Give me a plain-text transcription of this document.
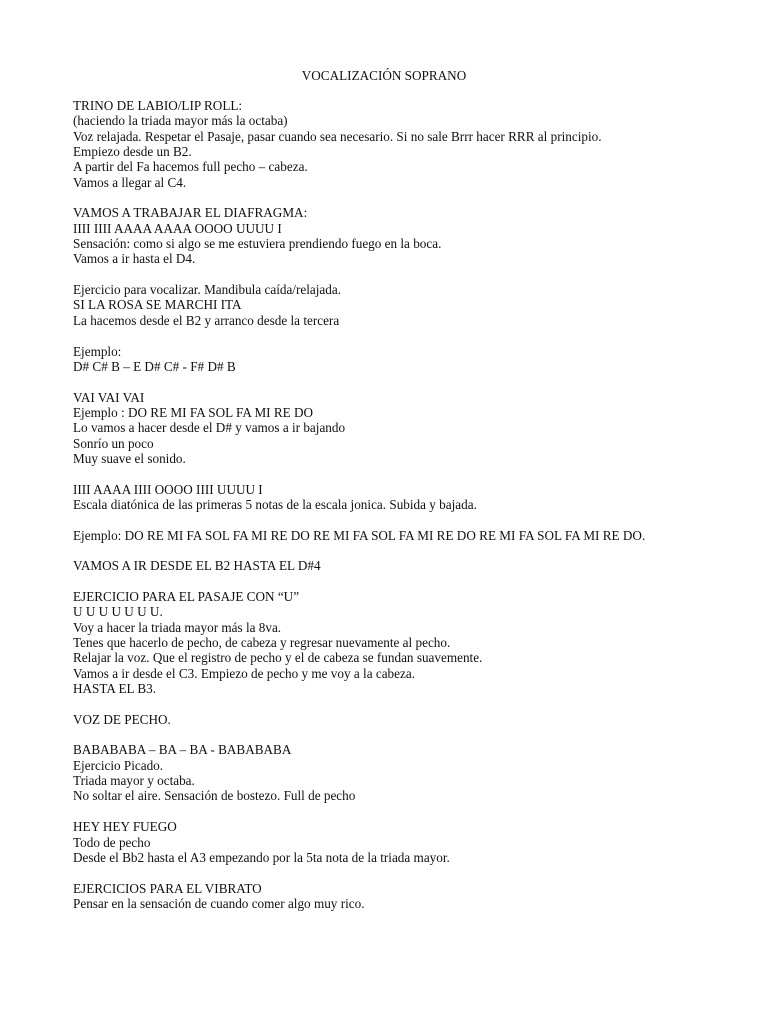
VOCALIZACIÓN SOPRANO
TRINO DE LABIO/LIP ROLL:
(haciendo la triada mayor más la octaba)
Voz relajada. Respetar el Pasaje, pasar cuando sea necesario. Si no sale Brrr hacer RRR al principio.
Empiezo desde un B2.
A partir del Fa hacemos full pecho – cabeza.
Vamos a llegar al C4.
VAMOS A TRABAJAR EL DIAFRAGMA:
IIII IIII AAAA AAAA OOOO UUUU I
Sensación: como si algo se me estuviera prendiendo fuego en la boca.
Vamos a ir hasta el D4.
Ejercicio para vocalizar. Mandibula caída/relajada.
SI LA ROSA SE MARCHI ITA
La hacemos desde el B2 y arranco desde la tercera
Ejemplo:
D# C# B – E D# C# - F# D# B
VAI VAI VAI
Ejemplo : DO RE MI FA SOL FA MI RE DO
Lo vamos a hacer desde el D# y vamos a ir bajando
Sonrío un poco
Muy suave el sonido.
IIII AAAA IIII OOOO IIII UUUU I
Escala diatónica de las primeras 5 notas de la escala jonica. Subida y bajada.
Ejemplo: DO RE MI FA SOL FA MI RE DO RE MI FA SOL FA MI RE DO RE MI FA SOL FA MI RE DO.
VAMOS A IR DESDE EL B2 HASTA EL D#4
EJERCICIO PARA EL PASAJE CON “U”
U U U U U U U.
Voy a hacer la triada mayor más la 8va.
Tenes que hacerlo de pecho, de cabeza y regresar nuevamente al pecho.
Relajar la voz. Que el registro de pecho y el de cabeza se fundan suavemente.
Vamos a ir desde el C3. Empiezo de pecho y me voy a la cabeza.
HASTA EL B3.
VOZ DE PECHO.
BABABABA – BA – BA - BABABABA
Ejercicio Picado.
Triada mayor y octaba.
No soltar el aire. Sensación de bostezo. Full de pecho
HEY HEY FUEGO
Todo de pecho
Desde el Bb2 hasta el A3 empezando por la 5ta nota de la triada mayor.
EJERCICIOS PARA EL VIBRATO
Pensar en la sensación de cuando comer algo muy rico.
